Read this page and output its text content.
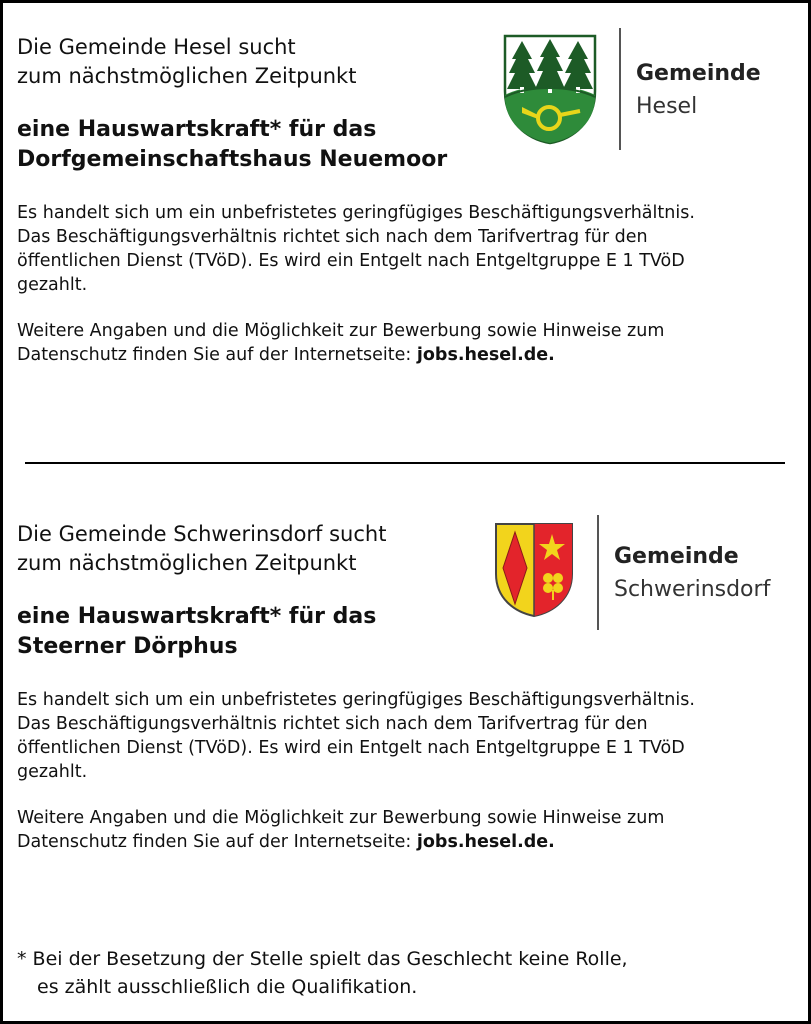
Die Gemeinde Hesel sucht
zum nächstmöglichen Zeitpunkt
eine Hauswartskraft* für das
Dorfgemeinschaftshaus Neuemoor
Es handelt sich um ein unbefristetes geringfügiges Beschäftigungsverhältnis.
Das Beschäftigungsverhältnis richtet sich nach dem Tarifvertrag für den
öffentlichen Dienst (TVöD). Es wird ein Entgelt nach Entgeltgruppe E 1 TVöD
gezahlt.
Weitere Angaben und die Möglichkeit zur Bewerbung sowie Hinweise zum
Datenschutz finden Sie auf der Internetseite: jobs.hesel.de.
Gemeinde
Hesel
Die Gemeinde Schwerinsdorf sucht
zum nächstmöglichen Zeitpunkt
eine Hauswartskraft* für das
Steerner Dörphus
Es handelt sich um ein unbefristetes geringfügiges Beschäftigungsverhältnis.
Das Beschäftigungsverhältnis richtet sich nach dem Tarifvertrag für den
öffentlichen Dienst (TVöD). Es wird ein Entgelt nach Entgeltgruppe E 1 TVöD
gezahlt.
Weitere Angaben und die Möglichkeit zur Bewerbung sowie Hinweise zum
Datenschutz finden Sie auf der Internetseite: jobs.hesel.de.
Gemeinde
Schwerinsdorf
* Bei der Besetzung der Stelle spielt das Geschlecht keine Rolle,
es zählt ausschließlich die Qualifikation.
